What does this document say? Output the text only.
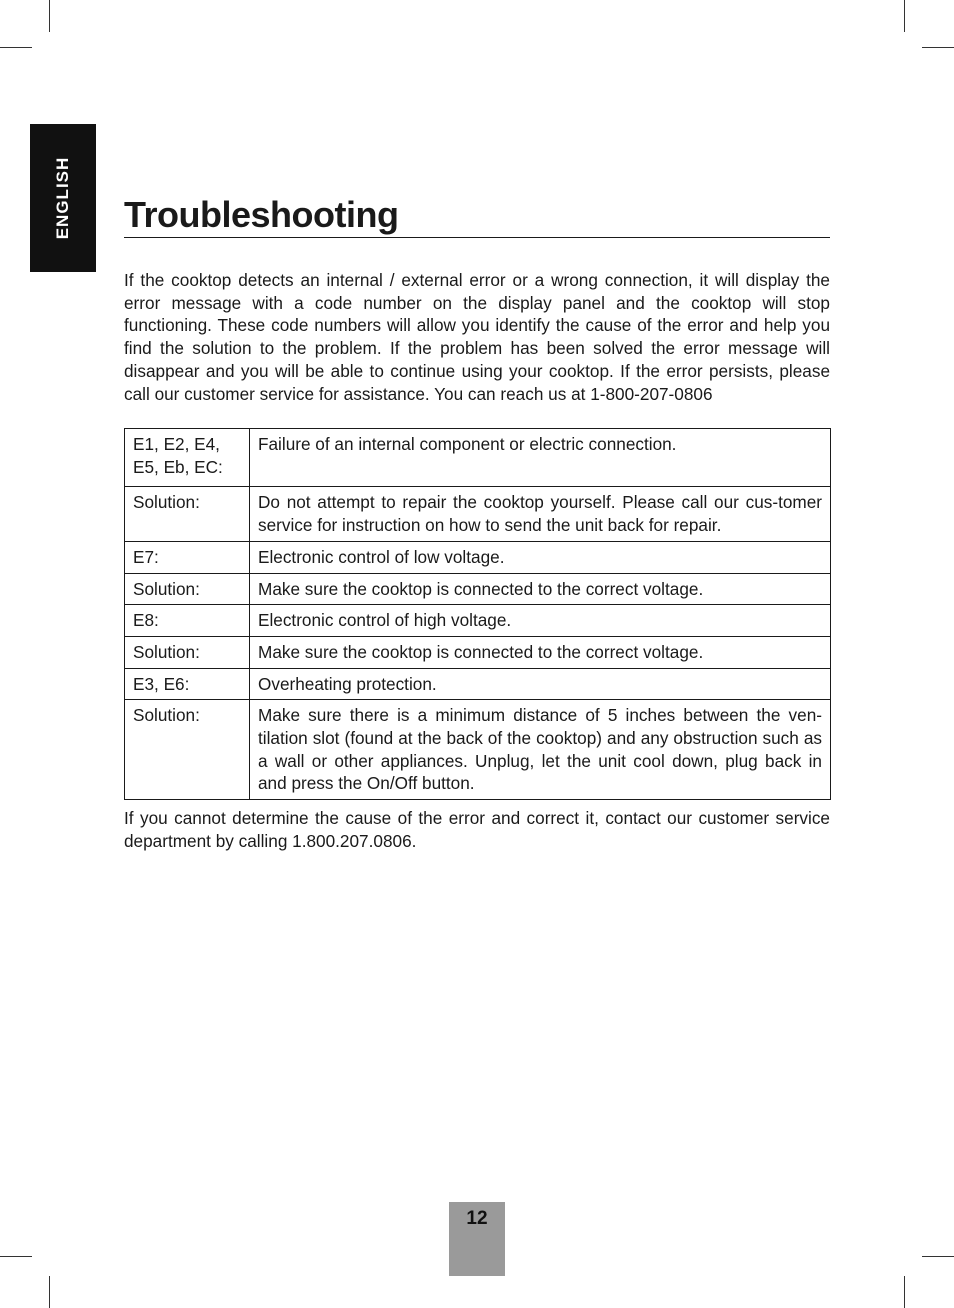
ENGLISH Troubleshooting

If the cooktop detects an internal / external error or a wrong connection, it will display the error message with a code number on the display panel and the cooktop will stop functioning. These code numbers will allow you identify the cause of the error and help you find the solution to the problem. If the problem has been solved the error message will disappear and you will be able to continue using your cooktop. If the error persists, please call our customer service for assistance. You can reach us at 1-800-207-0806

E1, E2, E4, E5, Eb, EC:	Failure of an internal component or electric connection.
Solution:	Do not attempt to repair the cooktop yourself. Please call our cus-tomer service for instruction on how to send the unit back for repair.
E7:	Electronic control of low voltage.
Solution:	Make sure the cooktop is connected to the correct voltage.
E8:	Electronic control of high voltage.
Solution:	Make sure the cooktop is connected to the correct voltage.
E3, E6:	Overheating protection.
Solution:	Make sure there is a minimum distance of 5 inches between the ven-tilation slot (found at the back of the cooktop) and any obstruction such as a wall or other appliances. Unplug, let the unit cool down, plug back in and press the On/Off button.

If you cannot determine the cause of the error and correct it, contact our customer service department by calling 1.800.207.0806.

12
